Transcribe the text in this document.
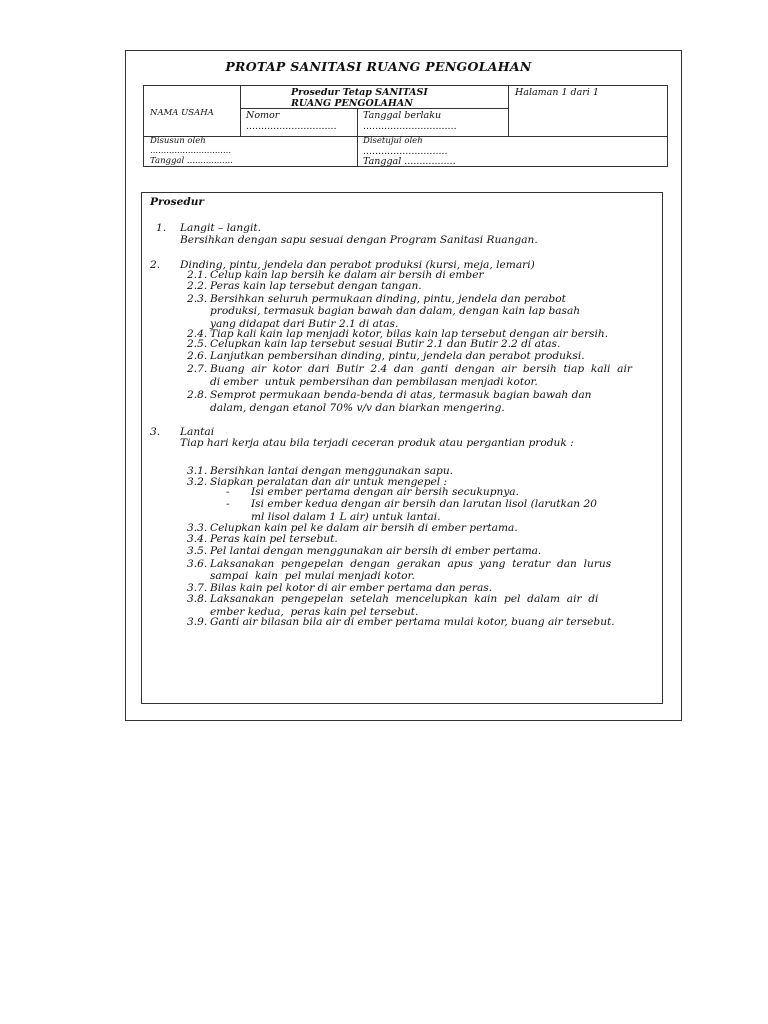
PROTAP SANITASI RUANG PENGOLAHAN
NAMA USAHA
Prosedur Tetap SANITASI
RUANG PENGOLAHAN
Halaman 1 dari 1
Nomor
..............................
Tanggal berlaku
...............................
Disusun oleh
..............................
Tanggal .................
Disetujui oleh
............................
Tanggal .................
Prosedur
1. Langit – langit.
Bersihkan dengan sapu sesuai dengan Program Sanitasi Ruangan.
2. Dinding, pintu, jendela dan perabot produksi (kursi, meja, lemari)
2.1. Celup kain lap bersih ke dalam air bersih di ember
2.2. Peras kain lap tersebut dengan tangan.
2.3. Bersihkan seluruh permukaan dinding, pintu, jendela dan perabot
produksi, termasuk bagian bawah dan dalam, dengan kain lap basah
yang didapat dari Butir 2.1 di atas.
2.4. Tiap kali kain lap menjadi kotor, bilas kain lap tersebut dengan air bersih.
2.5. Celupkan kain lap tersebut sesuai Butir 2.1 dan Butir 2.2 di atas.
2.6. Lanjutkan pembersihan dinding, pintu, jendela dan perabot produksi.
2.7. Buang  air  kotor  dari  Butir  2.4  dan  ganti  dengan  air  bersih  tiap  kali  air
di ember  untuk pembersihan dan pembilasan menjadi kotor.
2.8. Semprot permukaan benda-benda di atas, termasuk bagian bawah dan
dalam, dengan etanol 70% v/v dan biarkan mengering.
3. Lantai
Tiap hari kerja atau bila terjadi ceceran produk atau pergantian produk :
3.1. Bersihkan lantai dengan menggunakan sapu.
3.2. Siapkan peralatan dan air untuk mengepel :
- Isi ember pertama dengan air bersih secukupnya.
- Isi ember kedua dengan air bersih dan larutan lisol (larutkan 20
ml lisol dalam 1 L air) untuk lantai.
3.3. Celupkan kain pel ke dalam air bersih di ember pertama.
3.4. Peras kain pel tersebut.
3.5. Pel lantai dengan menggunakan air bersih di ember pertama.
3.6. Laksanakan  pengepelan  dengan  gerakan  apus  yang  teratur  dan  lurus
sampai  kain  pel mulai menjadi kotor.
3.7. Bilas kain pel kotor di air ember pertama dan peras.
3.8. Laksanakan  pengepelan  setelah  mencelupkan  kain  pel  dalam  air  di
ember kedua,  peras kain pel tersebut.
3.9. Ganti air bilasan bila air di ember pertama mulai kotor, buang air tersebut.
